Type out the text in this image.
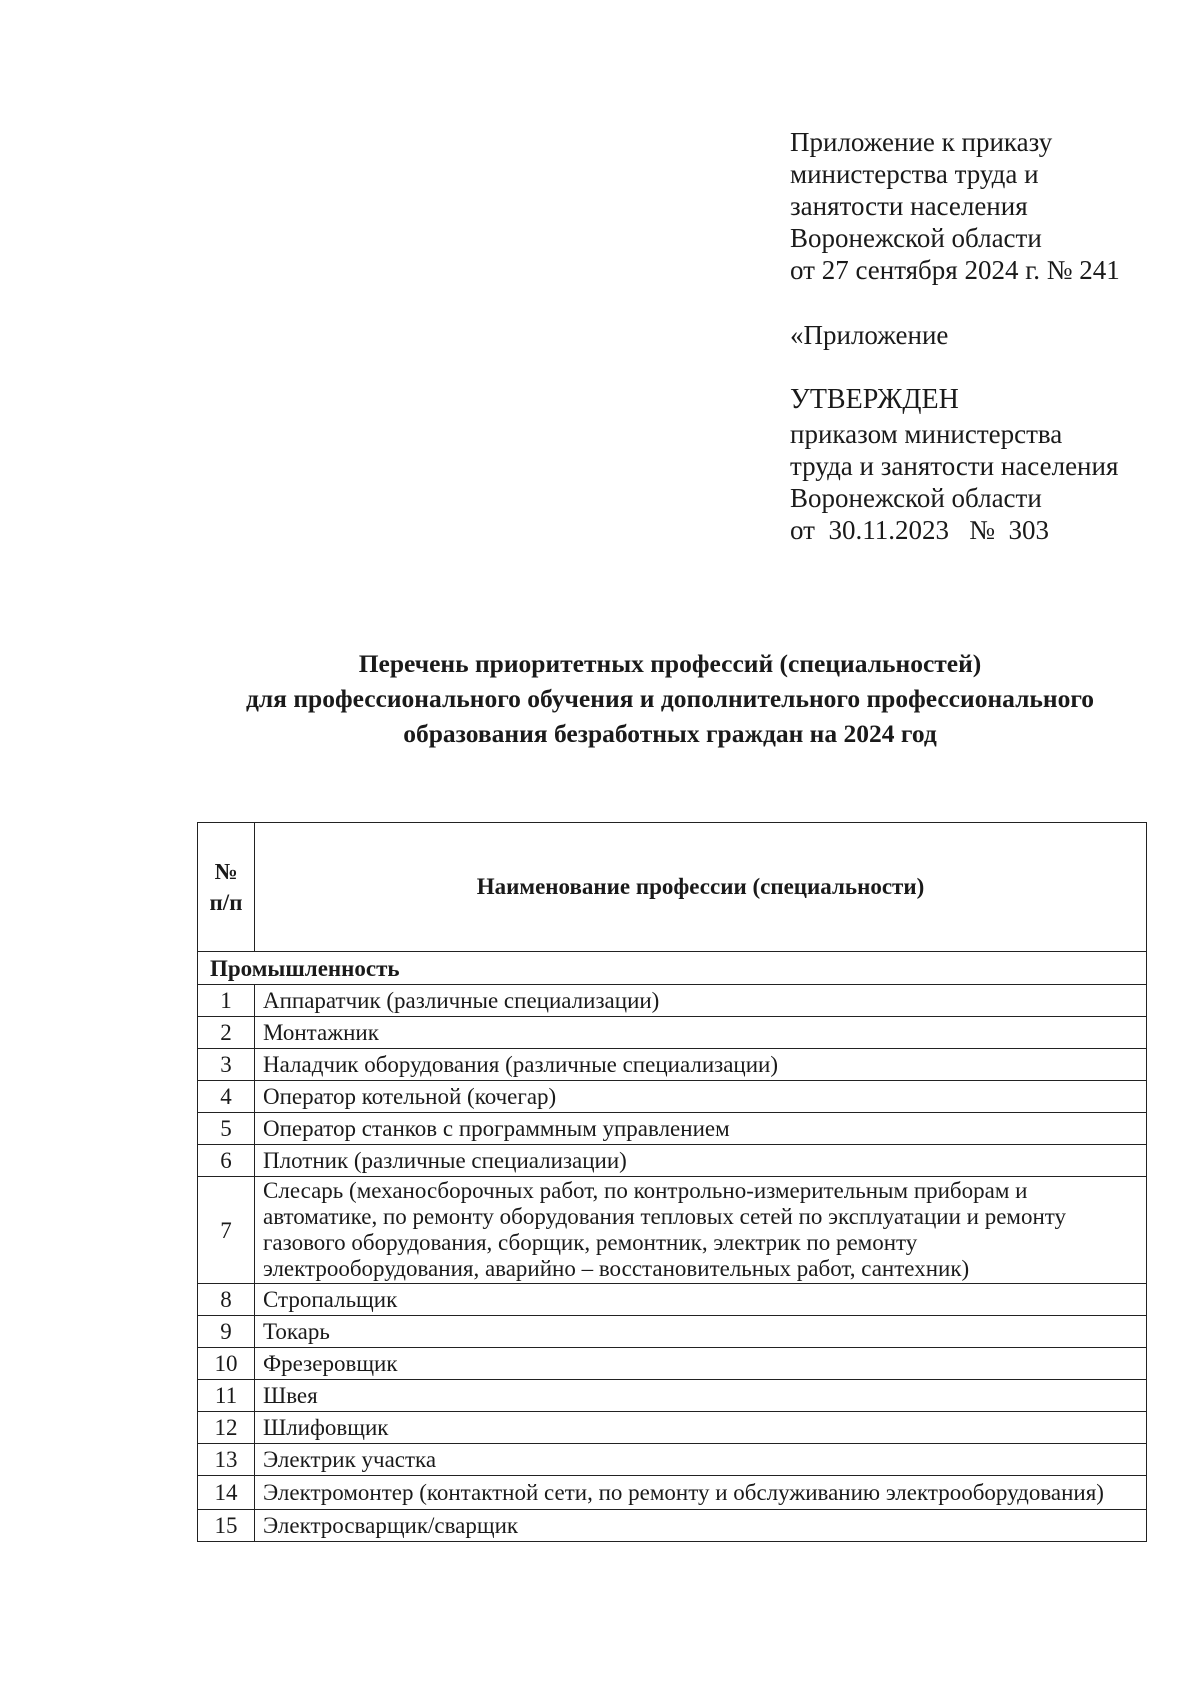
Приложение к приказу
министерства труда и
занятости населения
Воронежской области
от 27 сентября 2024 г. № 241
«Приложение
УТВЕРЖДЕН
приказом министерства
труда и занятости населения
Воронежской области
от  30.11.2023   №  303
Перечень приоритетных профессий (специальностей)
для профессионального обучения и дополнительного профессионального
образования безработных граждан на 2024 год
№ п/п	Наименование профессии (специальности)
Промышленность	
1	Аппаратчик (различные специализации)
2	Монтажник
3	Наладчик оборудования (различные специализации)
4	Оператор котельной (кочегар)
5	Оператор станков с программным управлением
6	Плотник (различные специализации)
7	Слесарь (механосборочных работ, по контрольно-измерительным приборам и автоматике, по ремонту оборудования тепловых сетей по эксплуатации и ремонту газового оборудования, сборщик, ремонтник, электрик по ремонту электрооборудования, аварийно – восстановительных работ, сантехник)
8	Стропальщик
9	Токарь
10	Фрезеровщик
11	Швея
12	Шлифовщик
13	Электрик участка
14	Электромонтер (контактной сети, по ремонту и обслуживанию электрооборудования)
15	Электросварщик/сварщик
